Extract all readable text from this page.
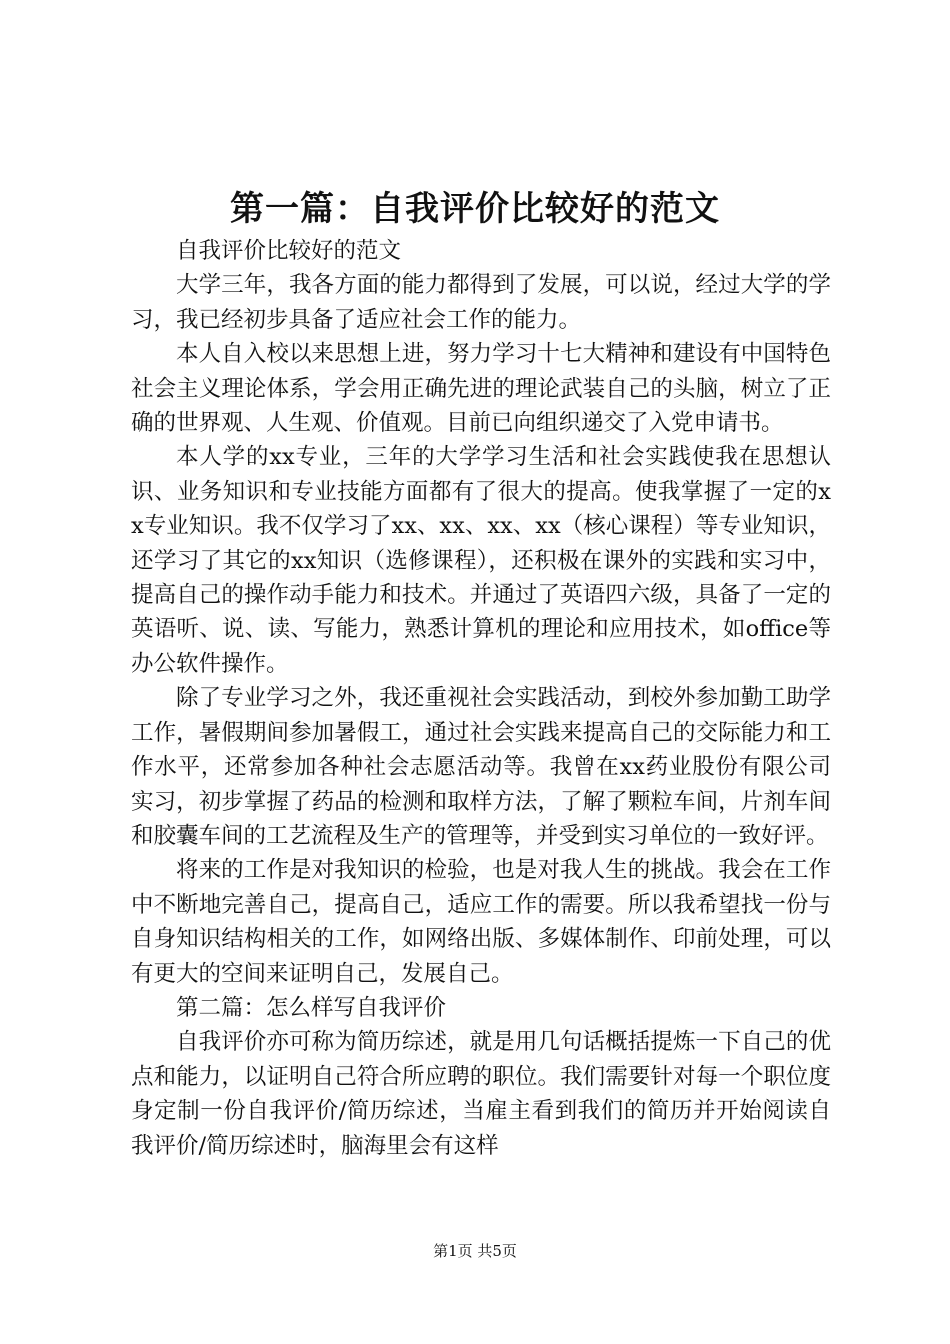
第一篇：自我评价比较好的范文

自我评价比较好的范文

大学三年，我各方面的能力都得到了发展，可以说，经过大学的学习，我已经初步具备了适应社会工作的能力。

本人自入校以来思想上进，努力学习十七大精神和建设有中国特色社会主义理论体系，学会用正确先进的理论武装自己的头脑，树立了正确的世界观、人生观、价值观。目前已向组织递交了入党申请书。

本人学的xx专业，三年的大学学习生活和社会实践使我在思想认识、业务知识和专业技能方面都有了很大的提高。使我掌握了一定的xx专业知识。我不仅学习了xx、xx、xx、xx（核心课程）等专业知识，还学习了其它的xx知识（选修课程），还积极在课外的实践和实习中，提高自己的操作动手能力和技术。并通过了英语四六级，具备了一定的英语听、说、读、写能力，熟悉计算机的理论和应用技术，如office等办公软件操作。

除了专业学习之外，我还重视社会实践活动，到校外参加勤工助学工作，暑假期间参加暑假工，通过社会实践来提高自己的交际能力和工作水平，还常参加各种社会志愿活动等。我曾在xx药业股份有限公司实习，初步掌握了药品的检测和取样方法，了解了颗粒车间，片剂车间和胶囊车间的工艺流程及生产的管理等，并受到实习单位的一致好评。

将来的工作是对我知识的检验，也是对我人生的挑战。我会在工作中不断地完善自己，提高自己，适应工作的需要。所以我希望找一份与自身知识结构相关的工作，如网络出版、多媒体制作、印前处理，可以有更大的空间来证明自己，发展自己。

第二篇：怎么样写自我评价

自我评价亦可称为简历综述，就是用几句话概括提炼一下自己的优点和能力，以证明自己符合所应聘的职位。我们需要针对每一个职位度身定制一份自我评价/简历综述，当雇主看到我们的简历并开始阅读自我评价/简历综述时，脑海里会有这样

第1页 共5页
